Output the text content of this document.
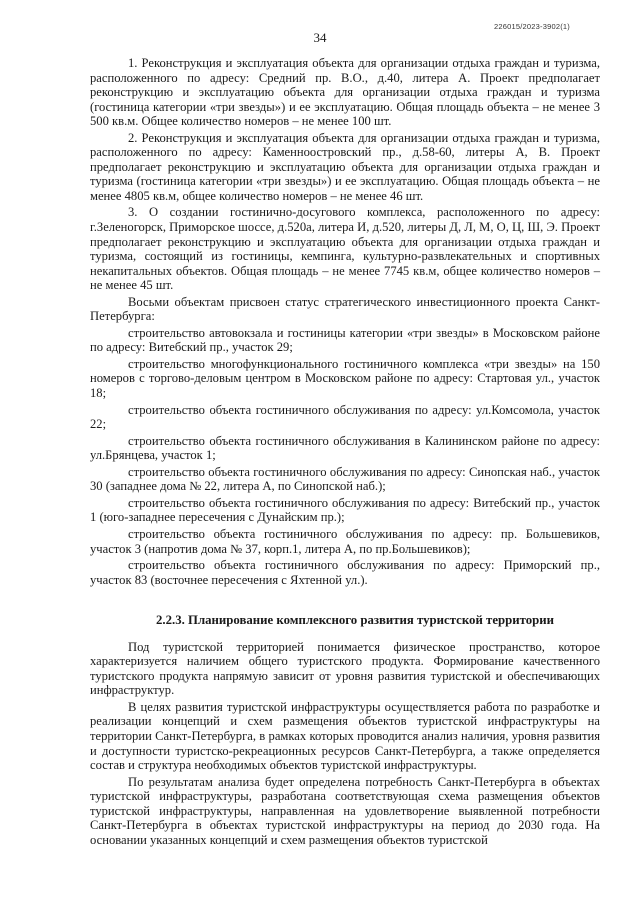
226015/2023-3902(1)
34

1. Реконструкция и эксплуатация объекта для организации отдыха граждан и туризма, расположенного по адресу: Средний пр. В.О., д.40, литера А. Проект предполагает реконструкцию и эксплуатацию объекта для организации отдыха граждан и туризма (гостиница категории «три звезды») и ее эксплуатацию. Общая площадь объекта – не менее 3 500 кв.м. Общее количество номеров – не менее 100 шт.

2. Реконструкция и эксплуатация объекта для организации отдыха граждан и туризма, расположенного по адресу: Каменноостровский пр., д.58-60, литеры А, В. Проект предполагает реконструкцию и эксплуатацию объекта для организации отдыха граждан и туризма (гостиница категории «три звезды») и ее эксплуатацию. Общая площадь объекта – не менее 4805 кв.м, общее количество номеров – не менее 46 шт.

3. О создании гостинично-досугового комплекса, расположенного по адресу: г.Зеленогорск, Приморское шоссе, д.520а, литера И, д.520, литеры Д, Л, М, О, Ц, Ш, Э. Проект предполагает реконструкцию и эксплуатацию объекта для организации отдыха граждан и туризма, состоящий из гостиницы, кемпинга, культурно-развлекательных и спортивных некапитальных объектов. Общая площадь – не менее 7745 кв.м, общее количество номеров – не менее 45 шт.

Восьми объектам присвоен статус стратегического инвестиционного проекта Санкт-Петербурга:

строительство автовокзала и гостиницы категории «три звезды» в Московском районе по адресу: Витебский пр., участок 29;

строительство многофункционального гостиничного комплекса «три звезды» на 150 номеров с торгово-деловым центром в Московском районе по адресу: Стартовая ул., участок 18;

строительство объекта гостиничного обслуживания по адресу: ул.Комсомола, участок 22;

строительство объекта гостиничного обслуживания в Калининском районе по адресу: ул.Брянцева, участок 1;

строительство объекта гостиничного обслуживания по адресу: Синопская наб., участок 30 (западнее дома № 22, литера А, по Синопской наб.);

строительство объекта гостиничного обслуживания по адресу: Витебский пр., участок 1 (юго-западнее пересечения с Дунайским пр.);

строительство объекта гостиничного обслуживания по адресу: пр. Большевиков, участок 3 (напротив дома № 37, корп.1, литера А, по пр.Большевиков);

строительство объекта гостиничного обслуживания по адресу: Приморский пр., участок 83 (восточнее пересечения с Яхтенной ул.).

2.2.3. Планирование комплексного развития туристской территории

Под туристской территорией понимается физическое пространство, которое характеризуется наличием общего туристского продукта. Формирование качественного туристского продукта напрямую зависит от уровня развития туристской и обеспечивающих инфраструктур.

В целях развития туристской инфраструктуры осуществляется работа по разработке и реализации концепций и схем размещения объектов туристской инфраструктуры на территории Санкт-Петербурга, в рамках которых проводится анализ наличия, уровня развития и доступности туристско-рекреационных ресурсов Санкт-Петербурга, а также определяется состав и структура необходимых объектов туристской инфраструктуры.

По результатам анализа будет определена потребность Санкт-Петербурга в объектах туристской инфраструктуры, разработана соответствующая схема размещения объектов туристской инфраструктуры, направленная на удовлетворение выявленной потребности Санкт-Петербурга в объектах туристской инфраструктуры на период до 2030 года. На основании указанных концепций и схем размещения объектов туристской
